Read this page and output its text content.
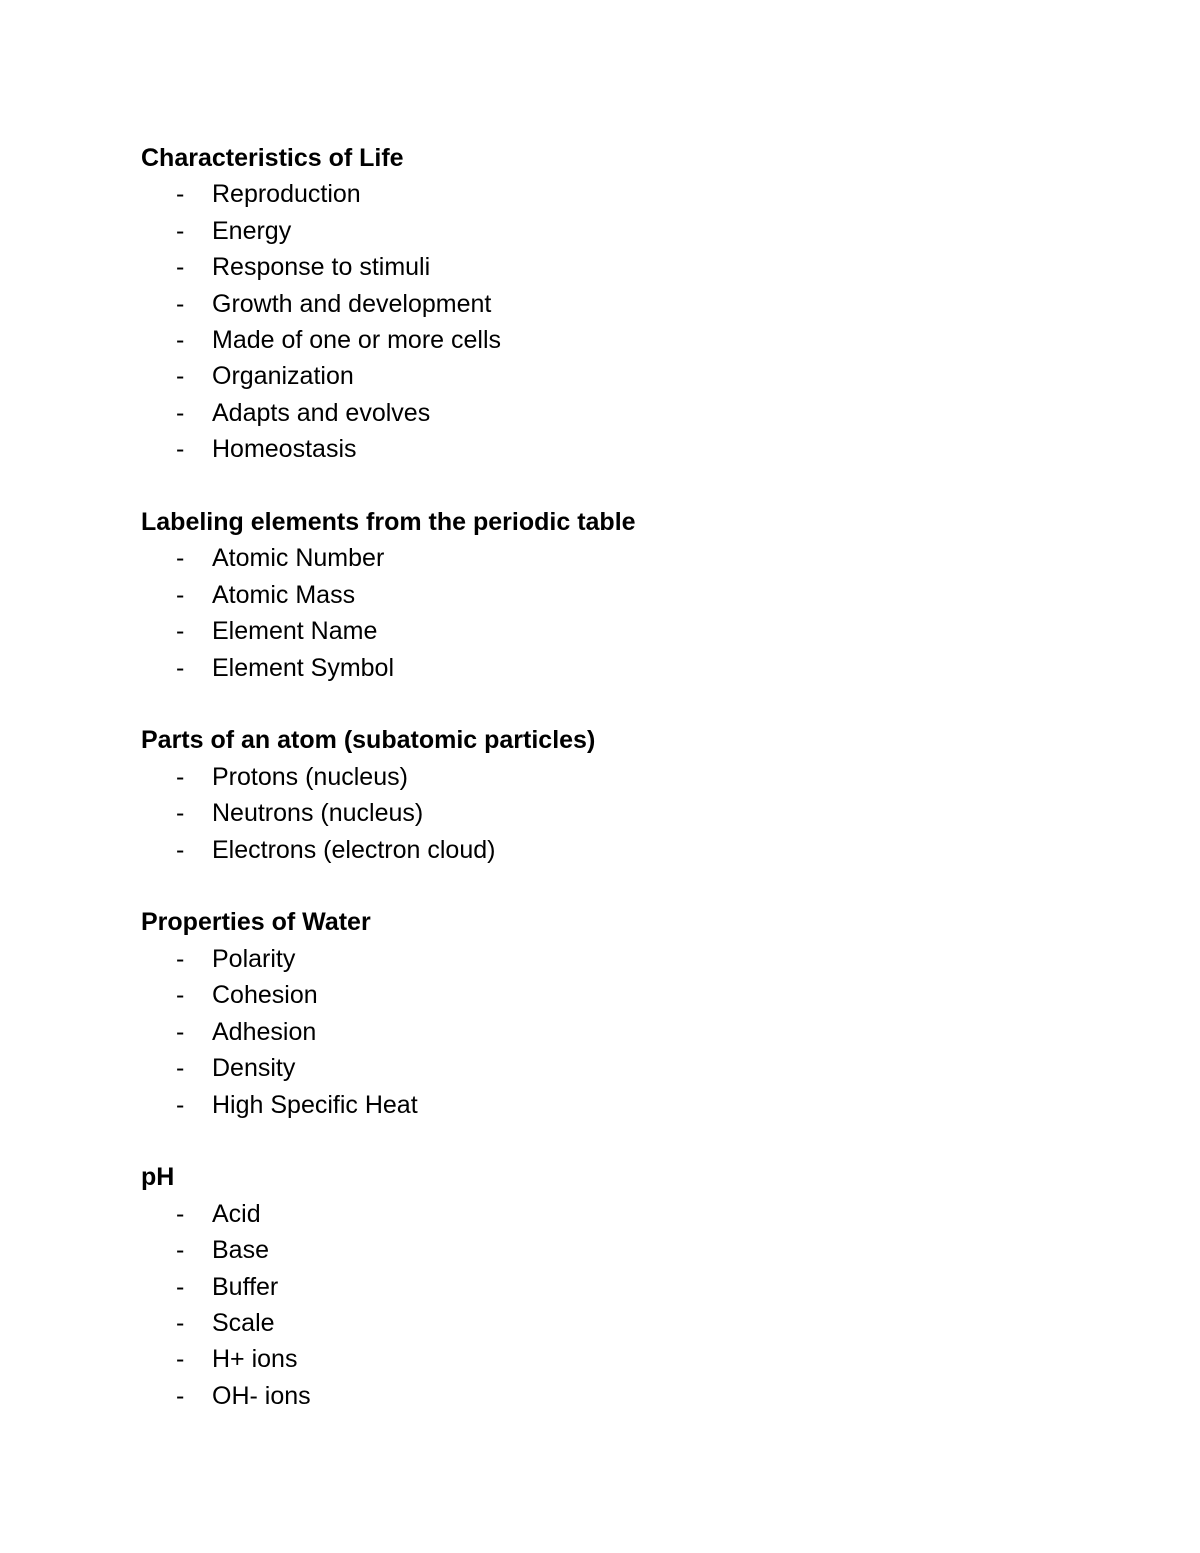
Characteristics of Life
- Reproduction
- Energy
- Response to stimuli
- Growth and development
- Made of one or more cells
- Organization
- Adapts and evolves
- Homeostasis
Labeling elements from the periodic table
- Atomic Number
- Atomic Mass
- Element Name
- Element Symbol
Parts of an atom (subatomic particles)
- Protons (nucleus)
- Neutrons (nucleus)
- Electrons (electron cloud)
Properties of Water
- Polarity
- Cohesion
- Adhesion
- Density
- High Specific Heat
pH
- Acid
- Base
- Buffer
- Scale
- H+ ions
- OH- ions
